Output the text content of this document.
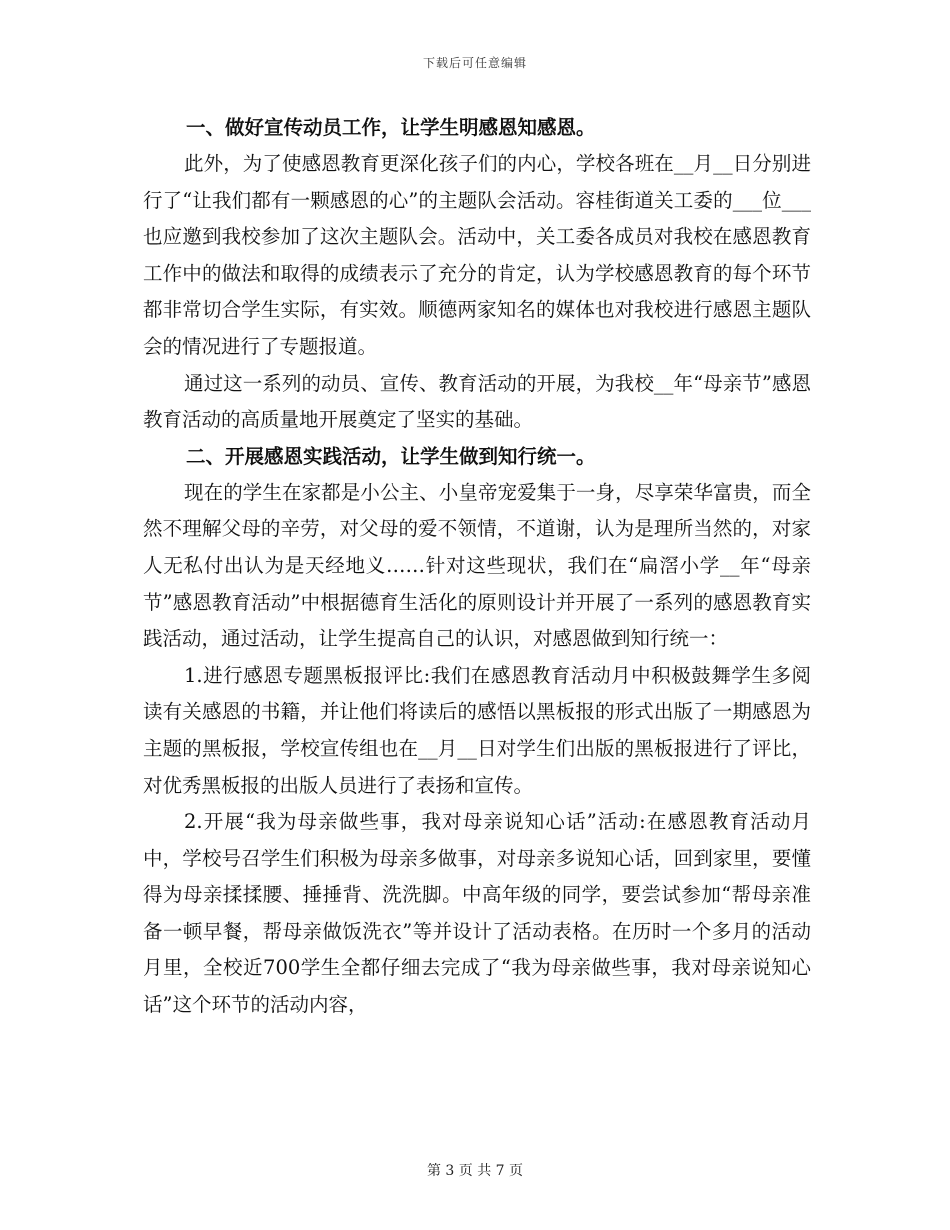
下载后可任意编辑
一、做好宣传动员工作，让学生明感恩知感恩。

此外，为了使感恩教育更深化孩子们的内心，学校各班在__月__日分别进行了“让我们都有一颗感恩的心”的主题队会活动。容桂街道关工委的___位___也应邀到我校参加了这次主题队会。活动中，关工委各成员对我校在感恩教育工作中的做法和取得的成绩表示了充分的肯定，认为学校感恩教育的每个环节都非常切合学生实际，有实效。顺德两家知名的媒体也对我校进行感恩主题队会的情况进行了专题报道。

通过这一系列的动员、宣传、教育活动的开展，为我校__年“母亲节”感恩教育活动的高质量地开展奠定了坚实的基础。

二、开展感恩实践活动，让学生做到知行统一。

现在的学生在家都是小公主、小皇帝宠爱集于一身，尽享荣华富贵，而全然不理解父母的辛劳，对父母的爱不领情，不道谢，认为是理所当然的，对家人无私付出认为是天经地义……针对这些现状，我们在“扁滘小学__年“母亲节”感恩教育活动”中根据德育生活化的原则设计并开展了一系列的感恩教育实践活动，通过活动，让学生提高自己的认识，对感恩做到知行统一：

1.进行感恩专题黑板报评比:我们在感恩教育活动月中积极鼓舞学生多阅读有关感恩的书籍，并让他们将读后的感悟以黑板报的形式出版了一期感恩为主题的黑板报，学校宣传组也在__月__日对学生们出版的黑板报进行了评比，对优秀黑板报的出版人员进行了表扬和宣传。

2.开展“我为母亲做些事，我对母亲说知心话”活动:在感恩教育活动月中，学校号召学生们积极为母亲多做事，对母亲多说知心话，回到家里，要懂得为母亲揉揉腰、捶捶背、洗洗脚。中高年级的同学，要尝试参加“帮母亲准备一顿早餐，帮母亲做饭洗衣”等并设计了活动表格。在历时一个多月的活动月里，全校近700学生全都仔细去完成了“我为母亲做些事，我对母亲说知心话”这个环节的活动内容，

第 3 页 共 7 页
